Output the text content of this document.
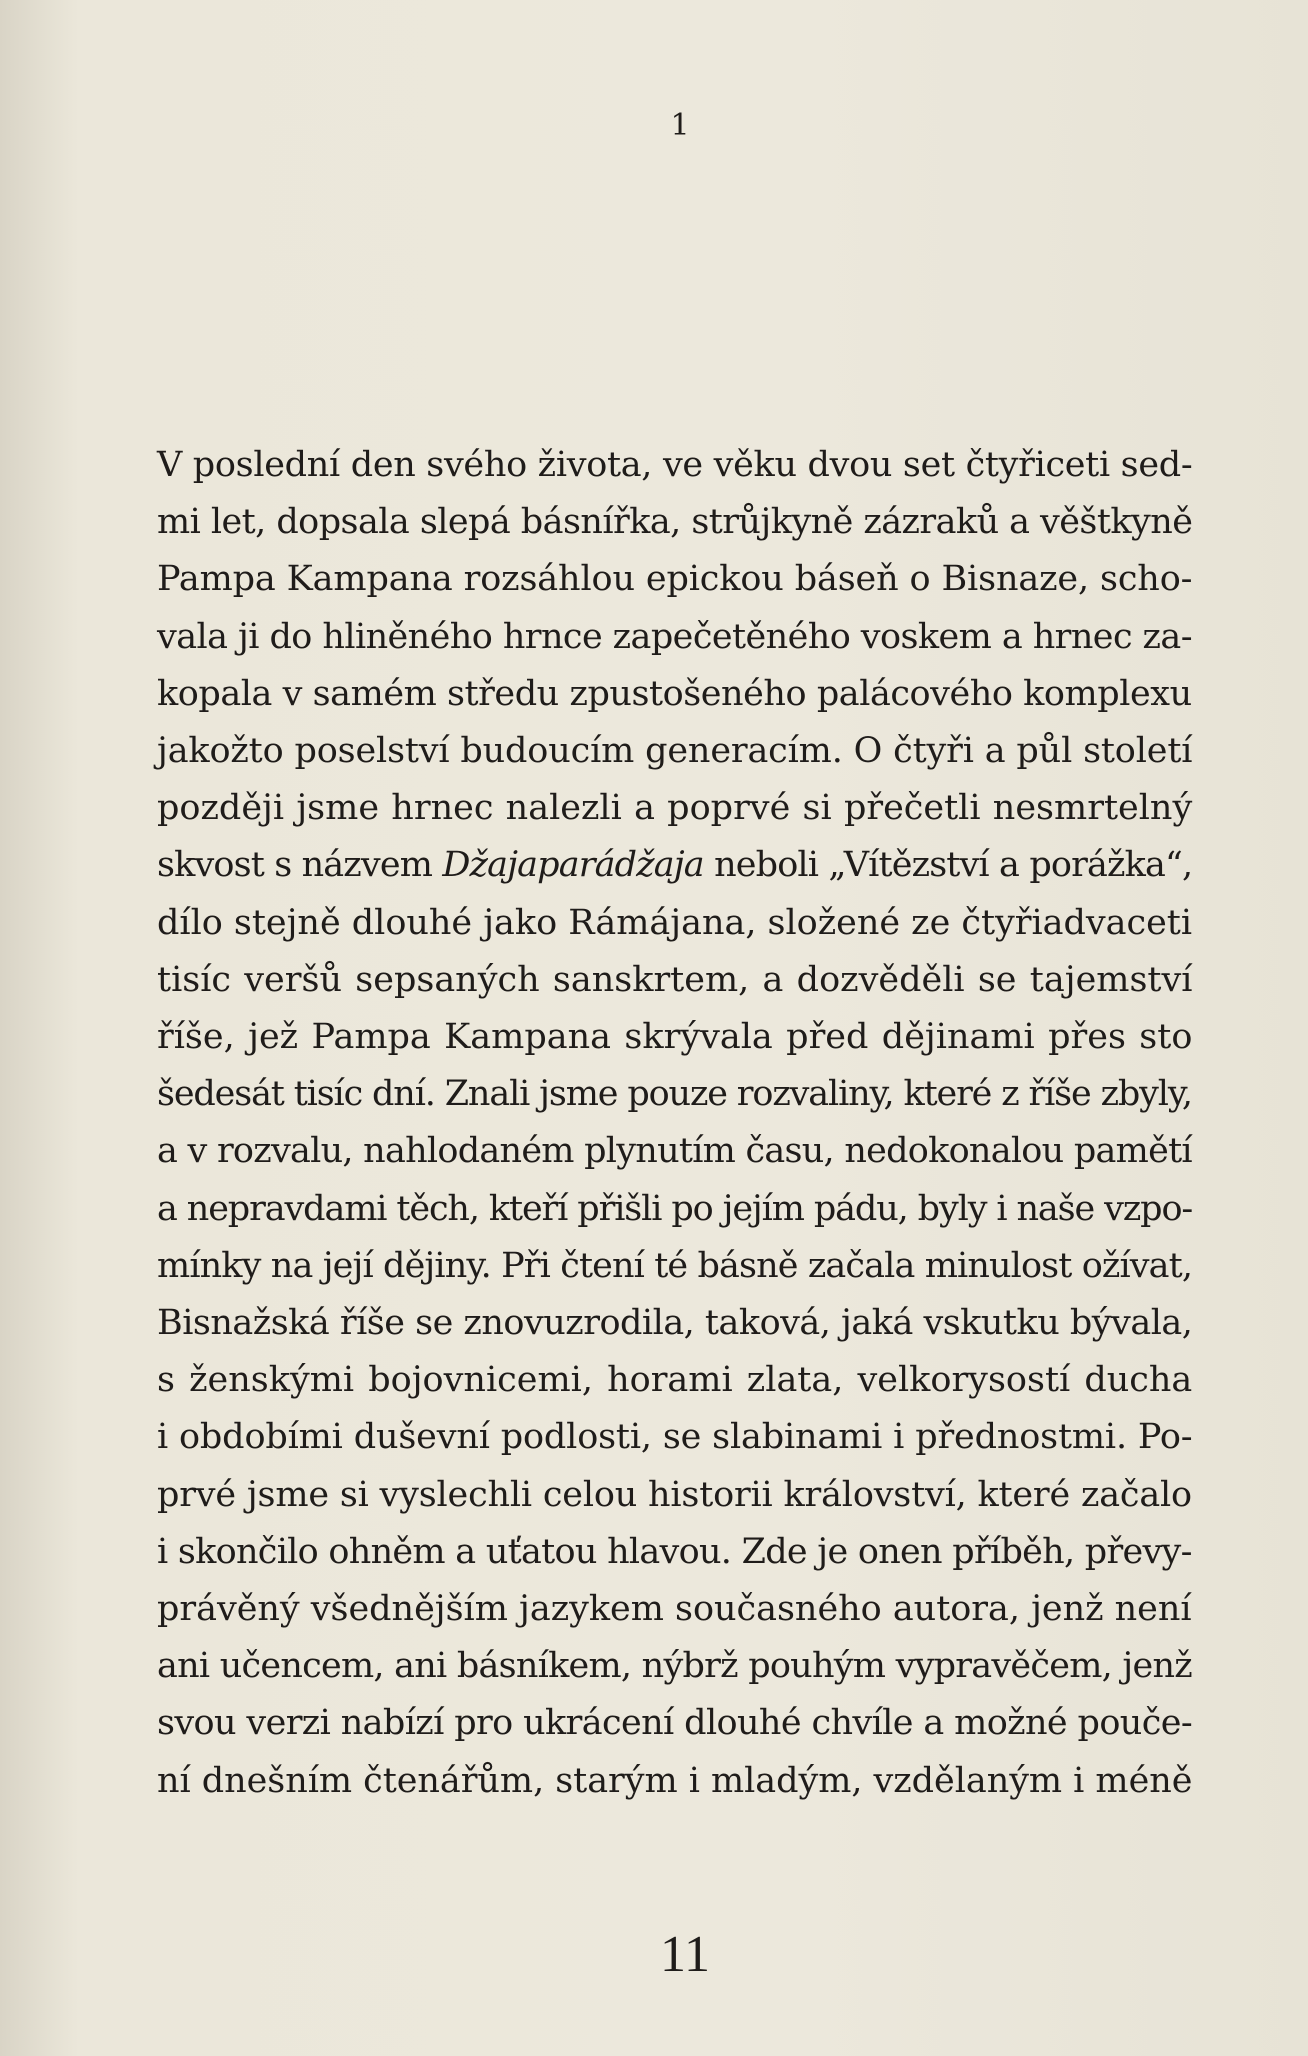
1
V poslední den svého života, ve věku dvou set čtyřiceti sed-
mi let, dopsala slepá básnířka, strůjkyně zázraků a věštkyně
Pampa Kampana rozsáhlou epickou báseň o Bisnaze, scho-
vala ji do hliněného hrnce zapečetěného voskem a hrnec za-
kopala v samém středu zpustošeného palácového komplexu
jakožto poselství budoucím generacím. O čtyři a půl století
později jsme hrnec nalezli a poprvé si přečetli nesmrtelný
skvost s názvem Džajaparádžaja neboli „Vítězství a porážka“,
dílo stejně dlouhé jako Rámájana, složené ze čtyřiadvaceti
tisíc veršů sepsaných sanskrtem, a dozvěděli se tajemství
říše, jež Pampa Kampana skrývala před dějinami přes sto
šedesát tisíc dní. Znali jsme pouze rozvaliny, které z říše zbyly,
a v rozvalu, nahlodaném plynutím času, nedokonalou pamětí
a nepravdami těch, kteří přišli po jejím pádu, byly i naše vzpo-
mínky na její dějiny. Při čtení té básně začala minulost ožívat,
Bisnažská říše se znovuzrodila, taková, jaká vskutku bývala,
s ženskými bojovnicemi, horami zlata, velkorysostí ducha
i obdobími duševní podlosti, se slabinami i přednostmi. Po-
prvé jsme si vyslechli celou historii království, které začalo
i skončilo ohněm a uťatou hlavou. Zde je onen příběh, převy-
právěný všednějším jazykem současného autora, jenž není
ani učencem, ani básníkem, nýbrž pouhým vypravěčem, jenž
svou verzi nabízí pro ukrácení dlouhé chvíle a možné pouče-
ní dnešním čtenářům, starým i mladým, vzdělaným i méně
11
